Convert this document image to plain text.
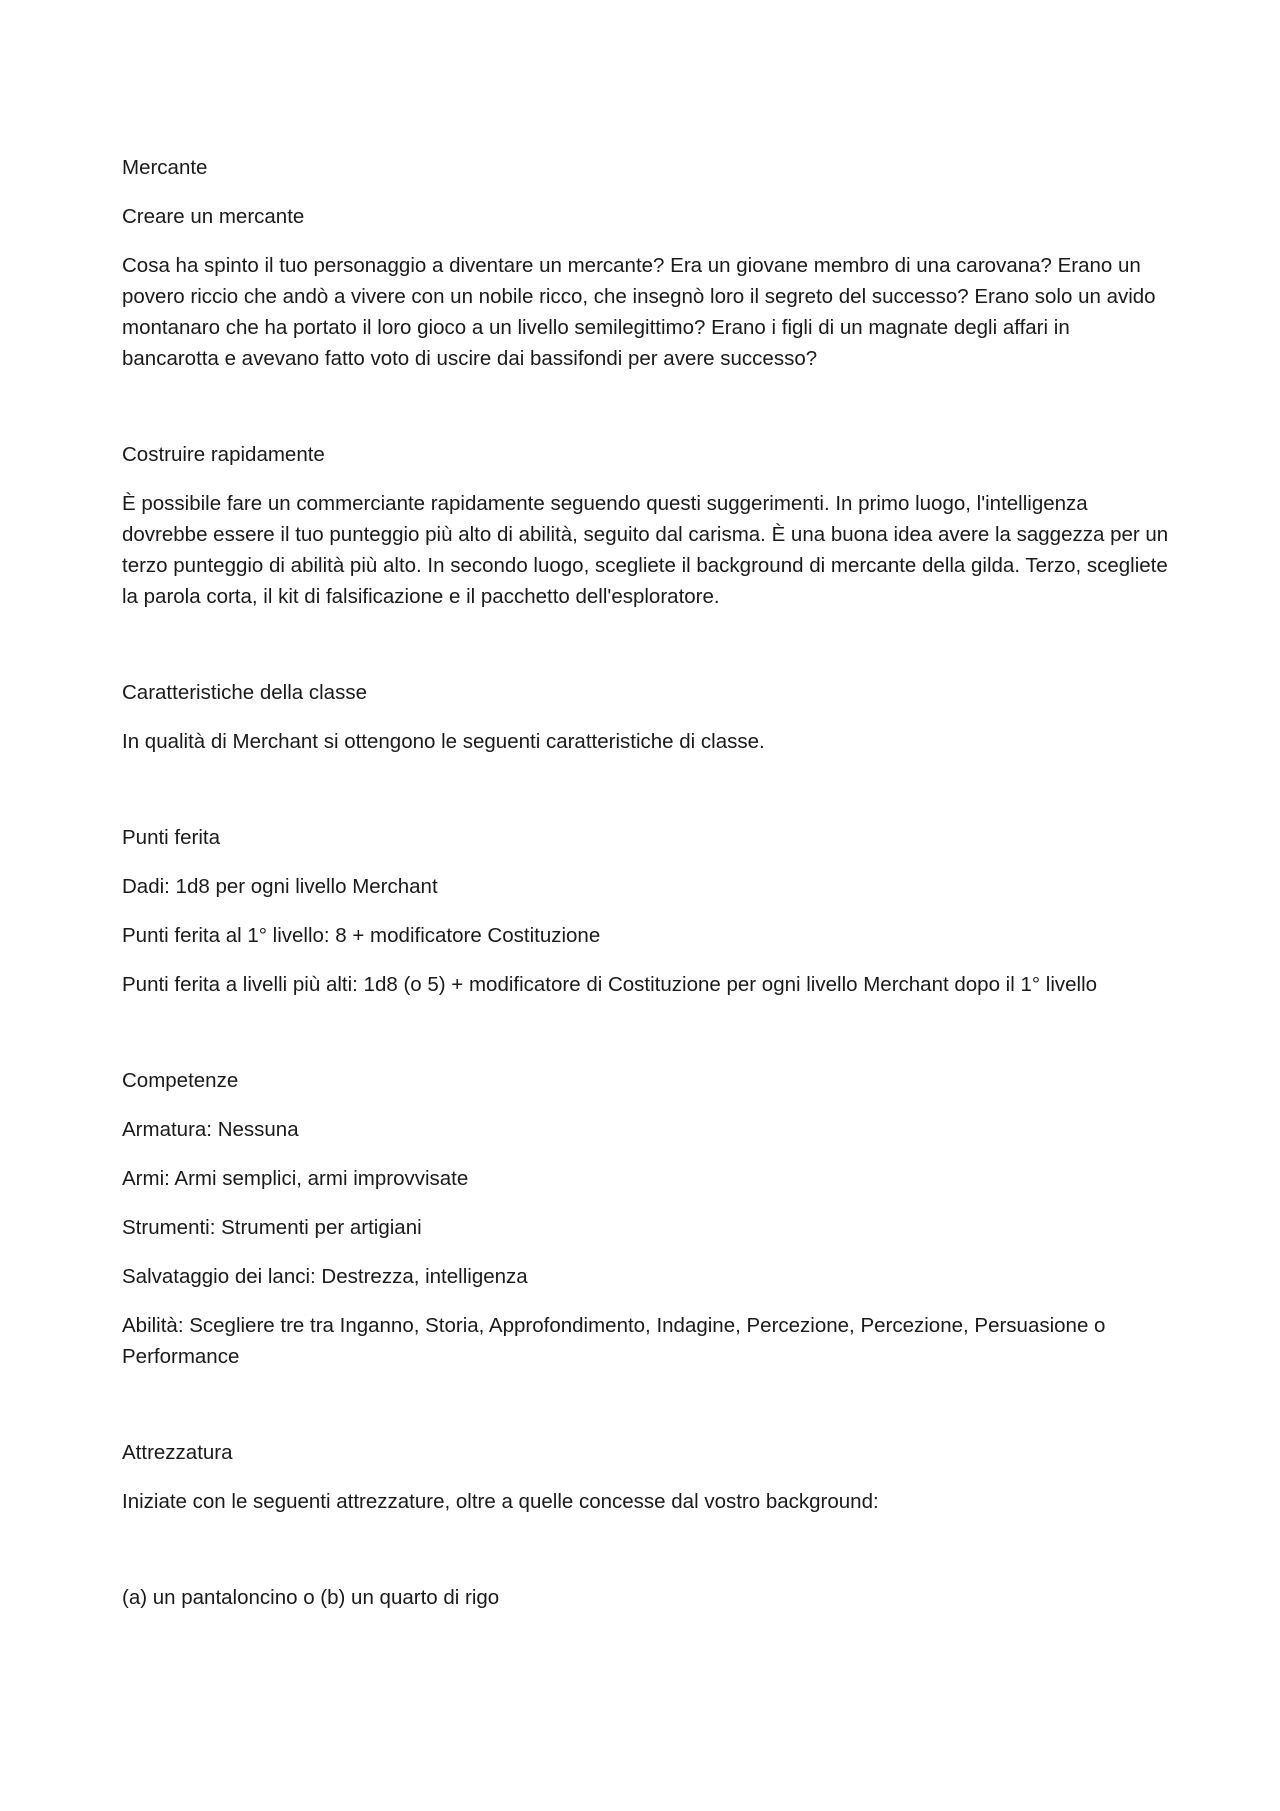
Mercante

Creare un mercante

Cosa ha spinto il tuo personaggio a diventare un mercante? Era un giovane membro di una carovana? Erano un povero riccio che andò a vivere con un nobile ricco, che insegnò loro il segreto del successo? Erano solo un avido montanaro che ha portato il loro gioco a un livello semilegittimo? Erano i figli di un magnate degli affari in bancarotta e avevano fatto voto di uscire dai bassifondi per avere successo?

Costruire rapidamente

È possibile fare un commerciante rapidamente seguendo questi suggerimenti. In primo luogo, l'intelligenza dovrebbe essere il tuo punteggio più alto di abilità, seguito dal carisma. È una buona idea avere la saggezza per un terzo punteggio di abilità più alto. In secondo luogo, scegliete il background di mercante della gilda. Terzo, scegliete la parola corta, il kit di falsificazione e il pacchetto dell'esploratore.

Caratteristiche della classe

In qualità di Merchant si ottengono le seguenti caratteristiche di classe.

Punti ferita

Dadi: 1d8 per ogni livello Merchant

Punti ferita al 1° livello: 8 + modificatore Costituzione

Punti ferita a livelli più alti: 1d8 (o 5) + modificatore di Costituzione per ogni livello Merchant dopo il 1° livello

Competenze

Armatura: Nessuna

Armi: Armi semplici, armi improvvisate

Strumenti: Strumenti per artigiani

Salvataggio dei lanci: Destrezza, intelligenza

Abilità: Scegliere tre tra Inganno, Storia, Approfondimento, Indagine, Percezione, Percezione, Persuasione o Performance

Attrezzatura

Iniziate con le seguenti attrezzature, oltre a quelle concesse dal vostro background:

(a) un pantaloncino o (b) un quarto di rigo
